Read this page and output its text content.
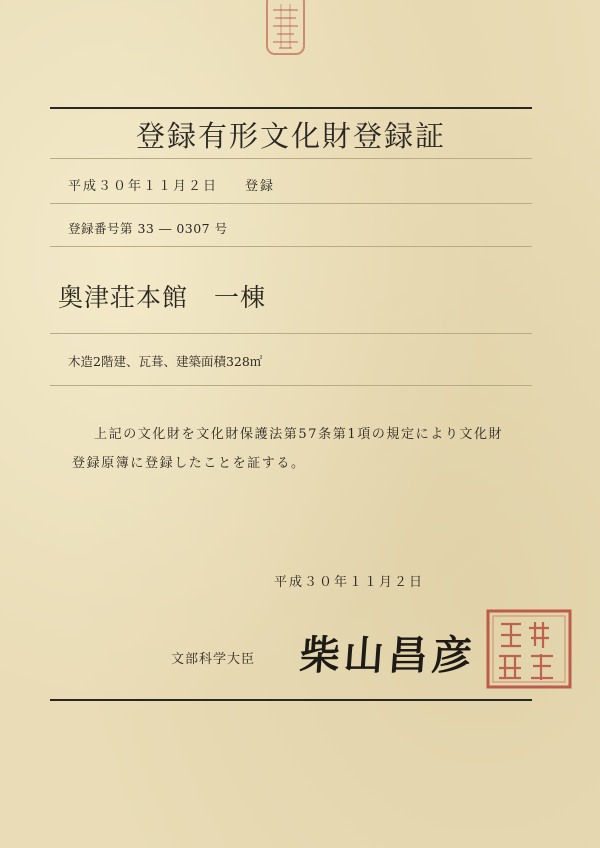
登録有形文化財登録証
平成３０年１１月２日 登録
登録番号第 33 ― 0307 号
奥津荘本館　一棟
木造2階建、瓦葺、建築面積328㎡
上記の文化財を文化財保護法第57条第1項の規定により文化財登録原簿に登録したことを証する。
平成３０年１１月２日
文部科学大臣 柴山昌彦
